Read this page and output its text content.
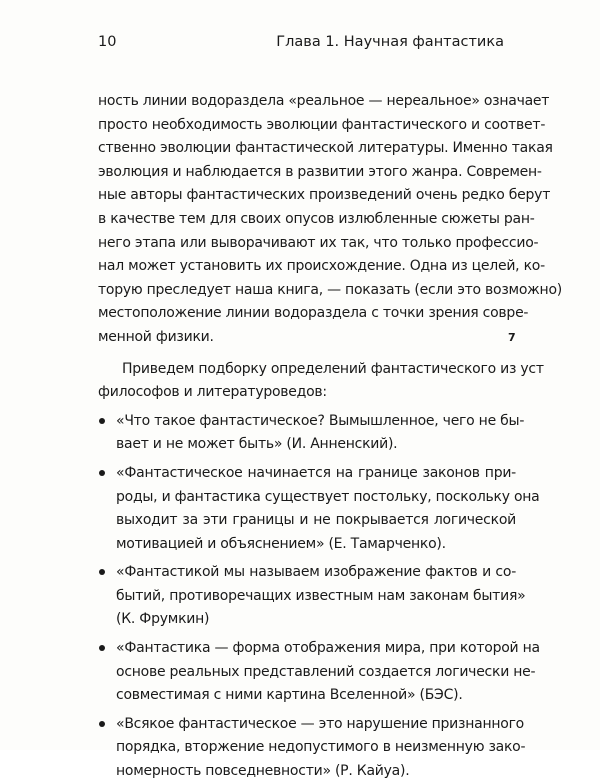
10	Глава 1. Научная фантастика
ность линии водораздела «реальное — нереальное» означает
просто необходимость эволюции фантастического и соответ-
ственно эволюции фантастической литературы. Именно такая
эволюция и наблюдается в развитии этого жанра. Современ-
ные авторы фантастических произведений очень редко берут
в качестве тем для своих опусов излюбленные сюжеты ран-
него этапа или выворачивают их так, что только профессио-
нал может установить их происхождение. Одна из целей, ко-
торую преследует наша книга, — показать (если это возможно)
местоположение линии водораздела с точки зрения совре-
менной физики.
Приведем подборку определений фантастического из уст
философов и литературоведов:
«Что такое фантастическое? Вымышленное, чего не бы-
вает и не может быть» (И. Анненский).
«Фантастическое начинается на границе законов при-
роды, и фантастика существует постольку, поскольку она
выходит за эти границы и не покрывается логической
мотивацией и объяснением» (Е. Тамарченко).
«Фантастикой мы называем изображение фактов и со-
бытий, противоречащих известным нам законам бытия»
(К. Фрумкин)
«Фантастика — форма отображения мира, при которой на
основе реальных представлений создается логически не-
совместимая с ними картина Вселенной» (БЭС).
«Всякое фантастическое — это нарушение признанного
порядка, вторжение недопустимого в неизменную зако-
номерность повседневности» (Р. Кайуа).
7
